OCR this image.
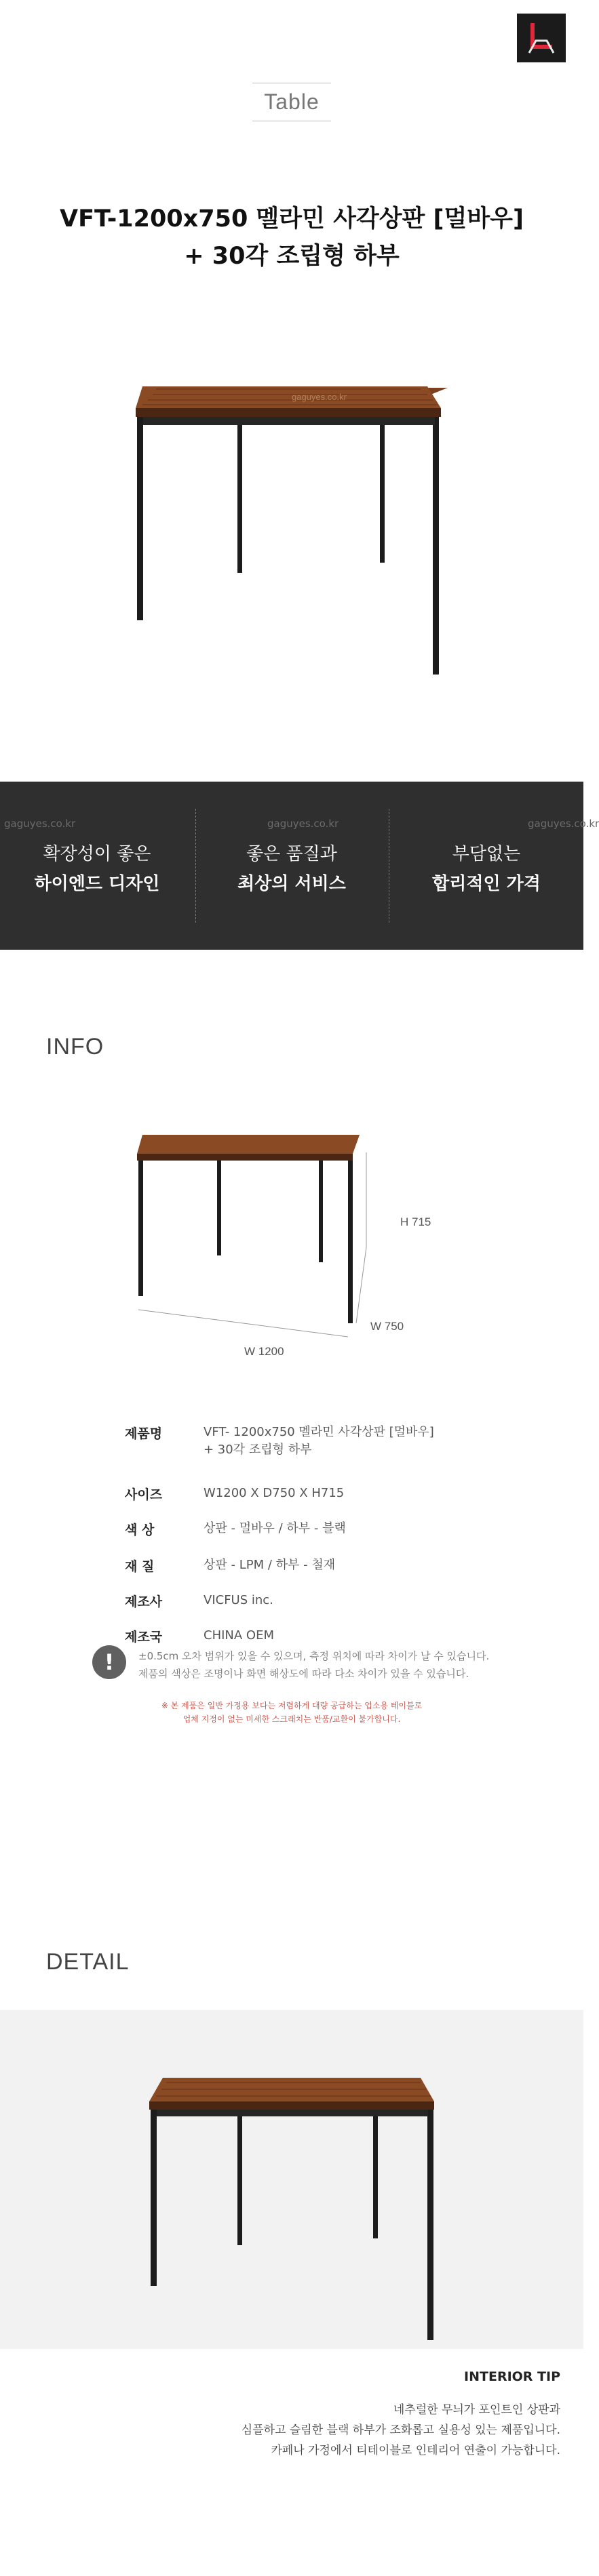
Table
VFT-1200x750 멜라민 사각상판 [멀바우]
+ 30각 조립형 하부
gaguyes.co.kr
gaguyes.co.kr	gaguyes.co.kr	gaguyes.co.kr
확장성이 좋은
하이엔드 디자인
좋은 품질과
최상의 서비스
부담없는
합리적인 가격
INFO
H 715
W 750
W 1200
제품명	VFT- 1200x750 멜라민 사각상판 [멀바우]
+ 30각 조립형 하부
사이즈	W1200 X D750 X H715
색 상	상판 - 멀바우 / 하부 - 블랙
재 질	상판 - LPM / 하부 - 철재
제조사	VICFUS inc.
제조국	CHINA OEM
!	±0.5cm 오차 범위가 있을 수 있으며, 측정 위치에 따라 차이가 날 수 있습니다.
제품의 색상은 조명이나 화면 해상도에 따라 다소 차이가 있을 수 있습니다.
※ 본 제품은 일반 가정용 보다는 저렴하게 대량 공급하는 업소용 테이블로
업체 지정이 없는 미세한 스크래치는 반품/교환이 불가합니다.
DETAIL
INTERIOR TIP
네추럴한 무늬가 포인트인 상판과
심플하고 슬림한 블랙 하부가 조화롭고 실용성 있는 제품입니다.
카페나 가정에서 티테이블로 인테리어 연출이 가능합니다.
